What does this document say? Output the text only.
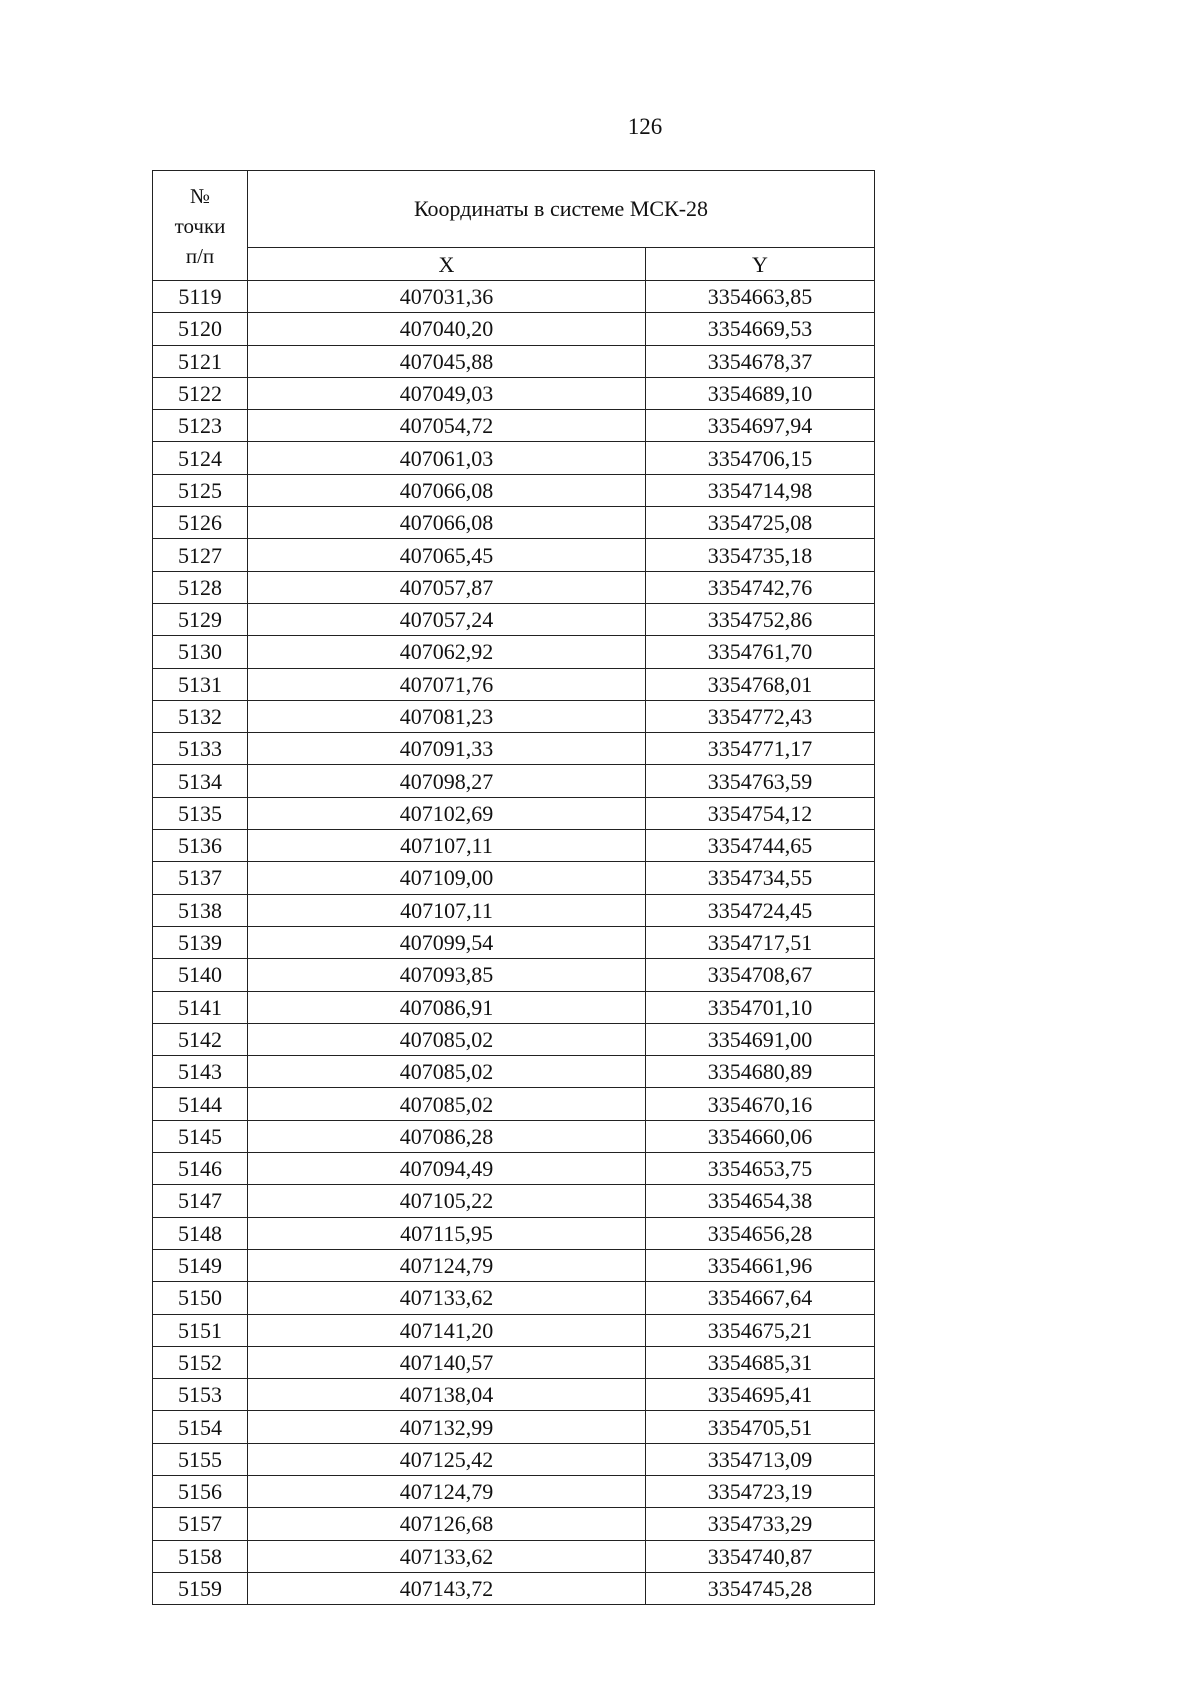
126
№
точки
п/п	Координаты в системе МСК-28	
	X	Y
5119	407031,36	3354663,85
5120	407040,20	3354669,53
5121	407045,88	3354678,37
5122	407049,03	3354689,10
5123	407054,72	3354697,94
5124	407061,03	3354706,15
5125	407066,08	3354714,98
5126	407066,08	3354725,08
5127	407065,45	3354735,18
5128	407057,87	3354742,76
5129	407057,24	3354752,86
5130	407062,92	3354761,70
5131	407071,76	3354768,01
5132	407081,23	3354772,43
5133	407091,33	3354771,17
5134	407098,27	3354763,59
5135	407102,69	3354754,12
5136	407107,11	3354744,65
5137	407109,00	3354734,55
5138	407107,11	3354724,45
5139	407099,54	3354717,51
5140	407093,85	3354708,67
5141	407086,91	3354701,10
5142	407085,02	3354691,00
5143	407085,02	3354680,89
5144	407085,02	3354670,16
5145	407086,28	3354660,06
5146	407094,49	3354653,75
5147	407105,22	3354654,38
5148	407115,95	3354656,28
5149	407124,79	3354661,96
5150	407133,62	3354667,64
5151	407141,20	3354675,21
5152	407140,57	3354685,31
5153	407138,04	3354695,41
5154	407132,99	3354705,51
5155	407125,42	3354713,09
5156	407124,79	3354723,19
5157	407126,68	3354733,29
5158	407133,62	3354740,87
5159	407143,72	3354745,28
